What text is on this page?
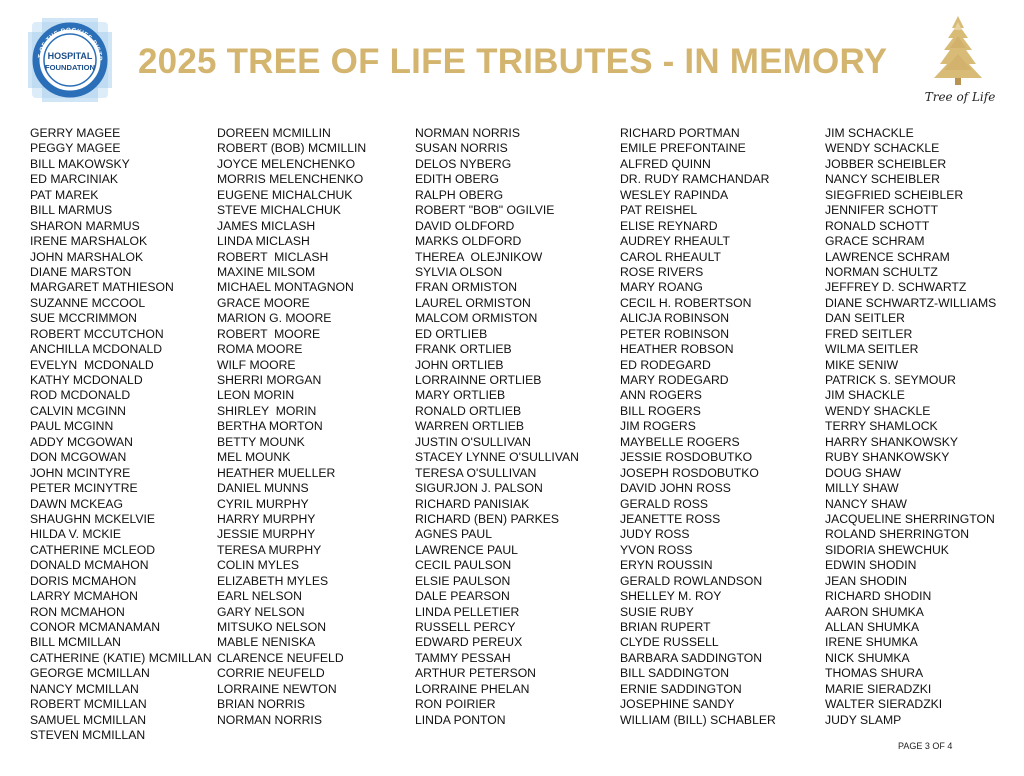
T OF THE ROCKIES DISTR
HOSPITAL
FOUNDATION 2025 TREE OF LIFE TRIBUTES - IN MEMORY
Tree of Life
GERRY MAGEE
PEGGY MAGEE
BILL MAKOWSKY
ED MARCINIAK
PAT MAREK
BILL MARMUS
SHARON MARMUS
IRENE MARSHALOK
JOHN MARSHALOK
DIANE MARSTON
MARGARET MATHIESON
SUZANNE MCCOOL
SUE MCCRIMMON
ROBERT MCCUTCHON
ANCHILLA MCDONALD
EVELYN  MCDONALD
KATHY MCDONALD
ROD MCDONALD
CALVIN MCGINN
PAUL MCGINN
ADDY MCGOWAN
DON MCGOWAN
JOHN MCINTYRE
PETER MCINYTRE
DAWN MCKEAG
SHAUGHN MCKELVIE
HILDA V. MCKIE
CATHERINE MCLEOD
DONALD MCMAHON
DORIS MCMAHON
LARRY MCMAHON
RON MCMAHON
CONOR MCMANAMAN
BILL MCMILLAN
CATHERINE (KATIE) MCMILLAN
GEORGE MCMILLAN
NANCY MCMILLAN
ROBERT MCMILLAN
SAMUEL MCMILLAN
STEVEN MCMILLAN
DOREEN MCMILLIN
ROBERT (BOB) MCMILLIN
JOYCE MELENCHENKO
MORRIS MELENCHENKO
EUGENE MICHALCHUK
STEVE MICHALCHUK
JAMES MICLASH
LINDA MICLASH
ROBERT  MICLASH
MAXINE MILSOM
MICHAEL MONTAGNON
GRACE MOORE
MARION G. MOORE
ROBERT  MOORE
ROMA MOORE
WILF MOORE
SHERRI MORGAN
LEON MORIN
SHIRLEY  MORIN
BERTHA MORTON
BETTY MOUNK
MEL MOUNK
HEATHER MUELLER
DANIEL MUNNS
CYRIL MURPHY
HARRY MURPHY
JESSIE MURPHY
TERESA MURPHY
COLIN MYLES
ELIZABETH MYLES
EARL NELSON
GARY NELSON
MITSUKO NELSON
MABLE NENISKA
CLARENCE NEUFELD
CORRIE NEUFELD
LORRAINE NEWTON
BRIAN NORRIS
NORMAN NORRIS
NORMAN NORRIS
SUSAN NORRIS
DELOS NYBERG
EDITH OBERG
RALPH OBERG
ROBERT "BOB" OGILVIE
DAVID OLDFORD
MARKS OLDFORD
THEREA  OLEJNIKOW
SYLVIA OLSON
FRAN ORMISTON
LAUREL ORMISTON
MALCOM ORMISTON
ED ORTLIEB
FRANK ORTLIEB
JOHN ORTLIEB
LORRAINNE ORTLIEB
MARY ORTLIEB
RONALD ORTLIEB
WARREN ORTLIEB
JUSTIN O'SULLIVAN
STACEY LYNNE O'SULLIVAN
TERESA O'SULLIVAN
SIGURJON J. PALSON
RICHARD PANISIAK
RICHARD (BEN) PARKES
AGNES PAUL
LAWRENCE PAUL
CECIL PAULSON
ELSIE PAULSON
DALE PEARSON
LINDA PELLETIER
RUSSELL PERCY
EDWARD PEREUX
TAMMY PESSAH
ARTHUR PETERSON
LORRAINE PHELAN
RON POIRIER
LINDA PONTON
RICHARD PORTMAN
EMILE PREFONTAINE
ALFRED QUINN
DR. RUDY RAMCHANDAR
WESLEY RAPINDA
PAT REISHEL
ELISE REYNARD
AUDREY RHEAULT
CAROL RHEAULT
ROSE RIVERS
MARY ROANG
CECIL H. ROBERTSON
ALICJA ROBINSON
PETER ROBINSON
HEATHER ROBSON
ED RODEGARD
MARY RODEGARD
ANN ROGERS
BILL ROGERS
JIM ROGERS
MAYBELLE ROGERS
JESSIE ROSDOBUTKO
JOSEPH ROSDOBUTKO
DAVID JOHN ROSS
GERALD ROSS
JEANETTE ROSS
JUDY ROSS
YVON ROSS
ERYN ROUSSIN
GERALD ROWLANDSON
SHELLEY M. ROY
SUSIE RUBY
BRIAN RUPERT
CLYDE RUSSELL
BARBARA SADDINGTON
BILL SADDINGTON
ERNIE SADDINGTON
JOSEPHINE SANDY
WILLIAM (BILL) SCHABLER
JIM SCHACKLE
WENDY SCHACKLE
JOBBER SCHEIBLER
NANCY SCHEIBLER
SIEGFRIED SCHEIBLER
JENNIFER SCHOTT
RONALD SCHOTT
GRACE SCHRAM
LAWRENCE SCHRAM
NORMAN SCHULTZ
JEFFREY D. SCHWARTZ
DIANE SCHWARTZ-WILLIAMS
DAN SEITLER
FRED SEITLER
WILMA SEITLER
MIKE SENIW
PATRICK S. SEYMOUR
JIM SHACKLE
WENDY SHACKLE
TERRY SHAMLOCK
HARRY SHANKOWSKY
RUBY SHANKOWSKY
DOUG SHAW
MILLY SHAW
NANCY SHAW
JACQUELINE SHERRINGTON
ROLAND SHERRINGTON
SIDORIA SHEWCHUK
EDWIN SHODIN
JEAN SHODIN
RICHARD SHODIN
AARON SHUMKA
ALLAN SHUMKA
IRENE SHUMKA
NICK SHUMKA
THOMAS SHURA
MARIE SIERADZKI
WALTER SIERADZKI
JUDY SLAMP
PAGE 3 OF 4
